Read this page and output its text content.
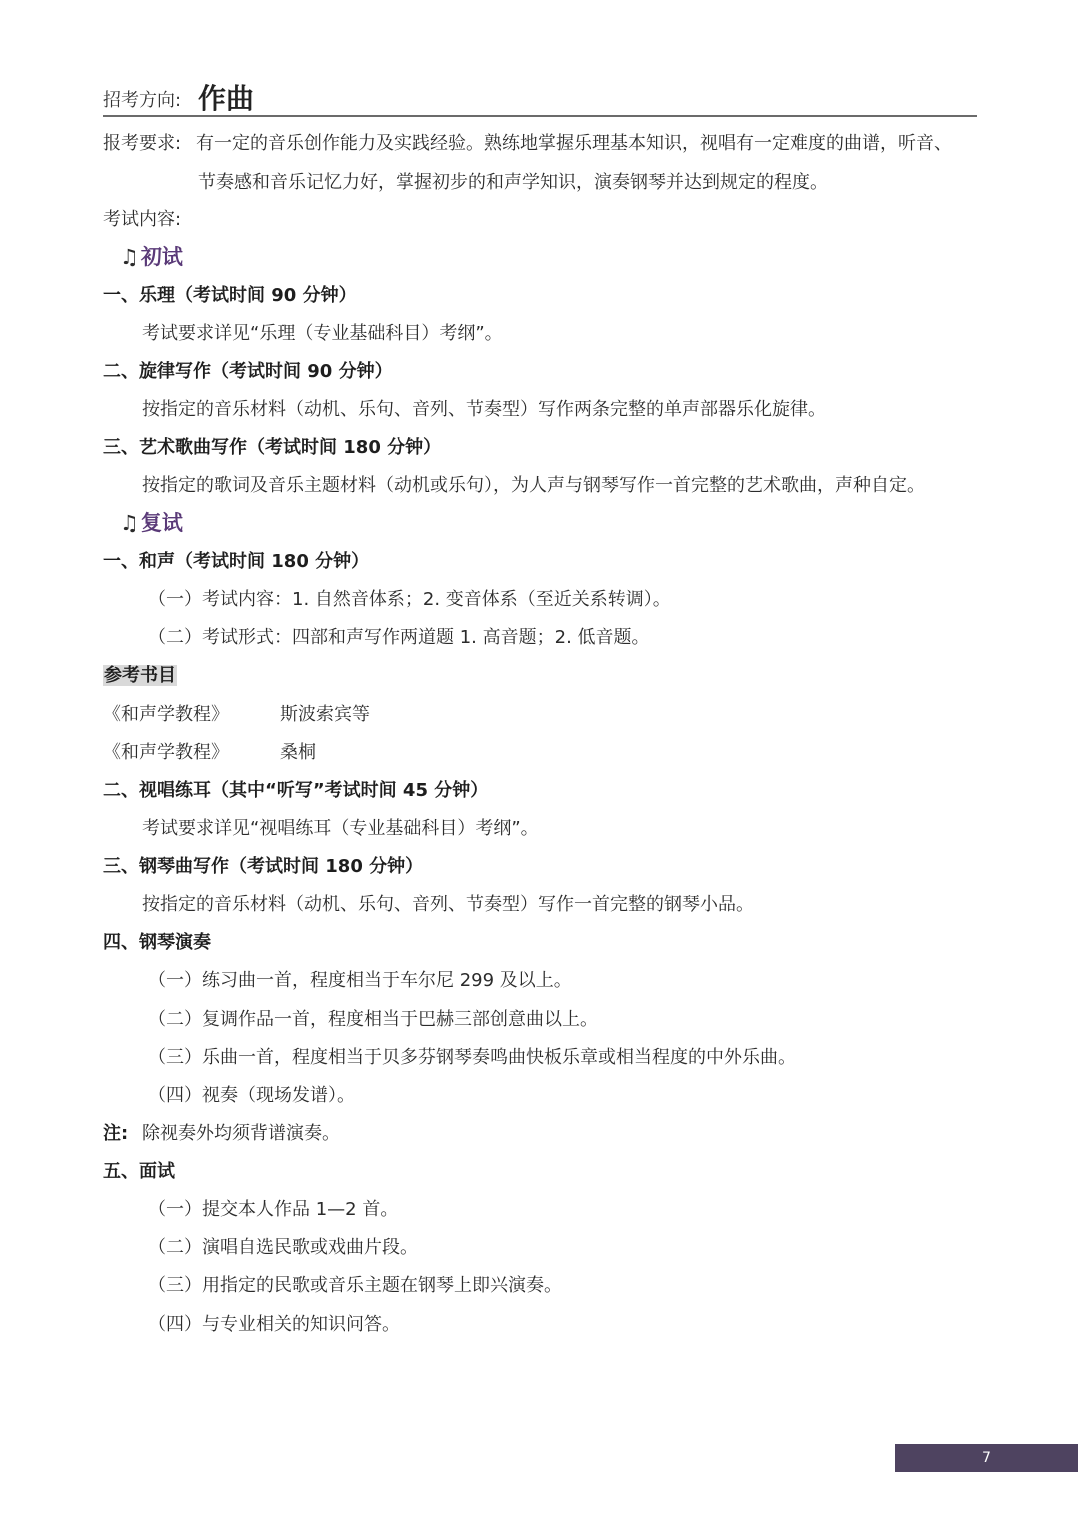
招考方向: 作曲
报考要求: 有一定的音乐创作能力及实践经验。熟练地掌握乐理基本知识，视唱有一定难度的曲谱，听音、
节奏感和音乐记忆力好，掌握初步的和声学知识，演奏钢琴并达到规定的程度。
考试内容:
♫初试
一、乐理（考试时间 90 分钟）
考试要求详见“乐理（专业基础科目）考纲”。
二、旋律写作（考试时间 90 分钟）
按指定的音乐材料（动机、乐句、音列、节奏型）写作两条完整的单声部器乐化旋律。
三、艺术歌曲写作（考试时间 180 分钟）
按指定的歌词及音乐主题材料（动机或乐句），为人声与钢琴写作一首完整的艺术歌曲，声种自定。
♫复试
一、和声（考试时间 180 分钟）
（一）考试内容：1. 自然音体系；2. 变音体系（至近关系转调）。
（二）考试形式：四部和声写作两道题 1. 高音题；2. 低音题。
参考书目
《和声学教程》	斯波索宾等
《和声学教程》	桑桐
二、视唱练耳（其中“听写”考试时间 45 分钟）
考试要求详见“视唱练耳（专业基础科目）考纲”。
三、钢琴曲写作（考试时间 180 分钟）
按指定的音乐材料（动机、乐句、音列、节奏型）写作一首完整的钢琴小品。
四、钢琴演奏
（一）练习曲一首，程度相当于车尔尼 299 及以上。
（二）复调作品一首，程度相当于巴赫三部创意曲以上。
（三）乐曲一首，程度相当于贝多芬钢琴奏鸣曲快板乐章或相当程度的中外乐曲。
（四）视奏（现场发谱）。
注: 除视奏外均须背谱演奏。
五、面试
（一）提交本人作品 1—2 首。
（二）演唱自选民歌或戏曲片段。
（三）用指定的民歌或音乐主题在钢琴上即兴演奏。
（四）与专业相关的知识问答。
7
